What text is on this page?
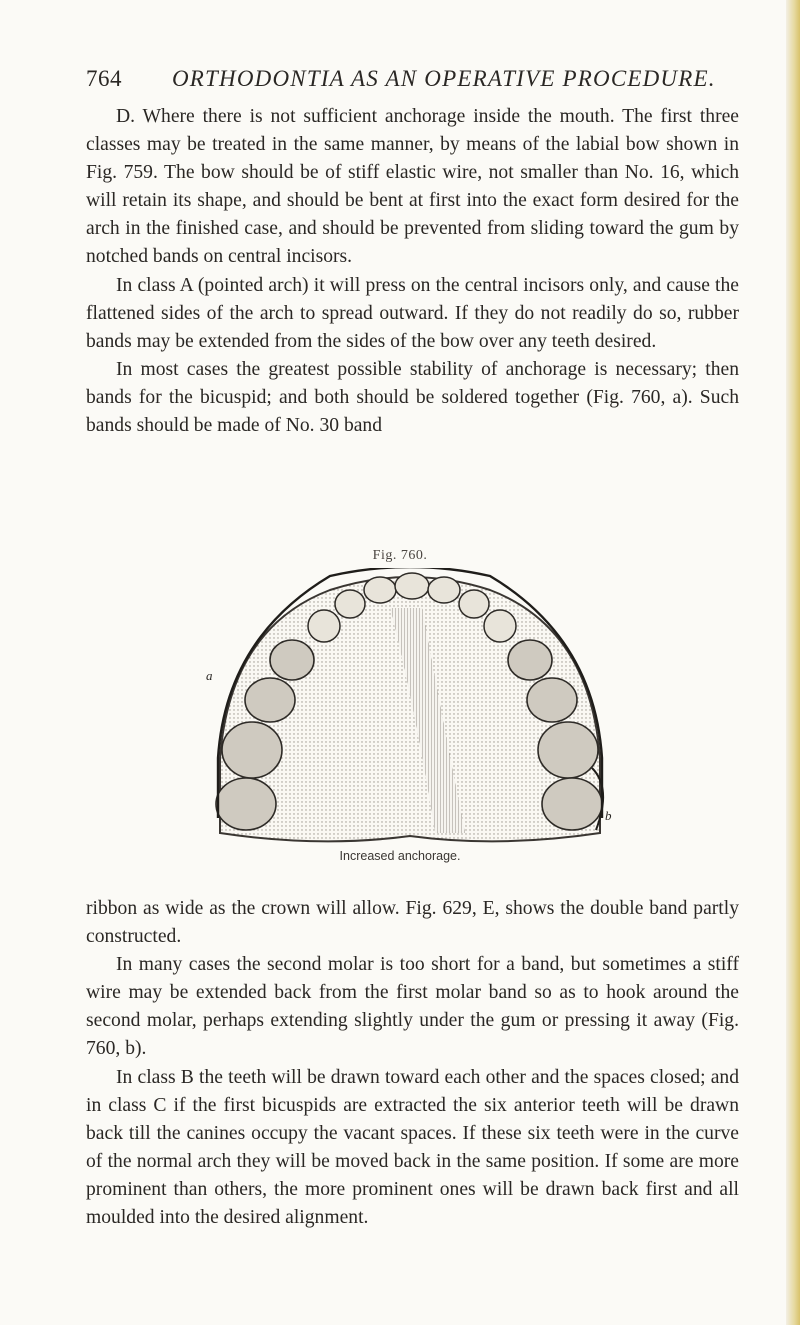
764 ORTHODONTIA AS AN OPERATIVE PROCEDURE.

D. Where there is not sufficient anchorage inside the mouth. The first three classes may be treated in the same manner, by means of the labial bow shown in Fig. 759. The bow should be of stiff elastic wire, not smaller than No. 16, which will retain its shape, and should be bent at first into the exact form desired for the arch in the finished case, and should be prevented from sliding toward the gum by notched bands on central incisors.

In class A (pointed arch) it will press on the central incisors only, and cause the flattened sides of the arch to spread outward. If they do not readily do so, rubber bands may be extended from the sides of the bow over any teeth desired.

In most cases the greatest possible stability of anchorage is necessary; then bands for the bicuspid; and both should be soldered together (Fig. 760, a). Such bands should be made of No. 30 band

Fig. 760.
a
b
Increased anchorage.

ribbon as wide as the crown will allow. Fig. 629, E, shows the double band partly constructed.

In many cases the second molar is too short for a band, but sometimes a stiff wire may be extended back from the first molar band so as to hook around the second molar, perhaps extending slightly under the gum or pressing it away (Fig. 760, b).

In class B the teeth will be drawn toward each other and the spaces closed; and in class C if the first bicuspids are extracted the six anterior teeth will be drawn back till the canines occupy the vacant spaces. If these six teeth were in the curve of the normal arch they will be moved back in the same position. If some are more prominent than others, the more prominent ones will be drawn back first and all moulded into the desired alignment.
